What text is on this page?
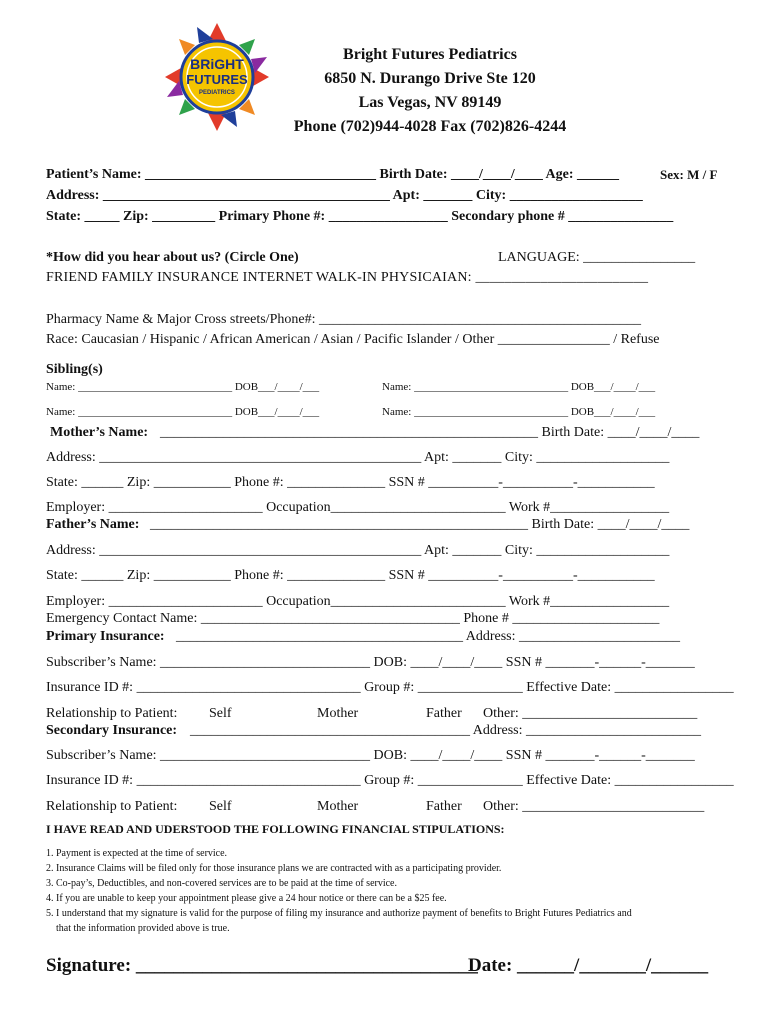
BRiGHT
FUTURES
PEDIATRICS
Bright Futures Pediatrics
6850 N. Durango Drive Ste 120
Las Vegas, NV 89149
Phone (702)944-4028 Fax (702)826-4244
Patient’s Name: _________________________________ Birth Date: ____/____/____ Age: ______	Sex: M / F
Address: _________________________________________ Apt: _______ City: ___________________
State: _____ Zip: _________ Primary Phone #: _________________ Secondary phone # _______________
*How did you hear about us? (Circle One)	LANGUAGE: ________________
FRIEND FAMILY INSURANCE INTERNET WALK-IN PHYSICAIAN: ________________________
Pharmacy Name & Major Cross streets/Phone#: ______________________________________________
Race: Caucasian / Hispanic / African American / Asian / Pacific Islander / Other ________________ / Refuse
Sibling(s)
Name: ____________________________ DOB___/____/___	Name: ____________________________ DOB___/____/___
Name: ____________________________ DOB___/____/___	Name: ____________________________ DOB___/____/___
Mother’s Name: ______________________________________________________ Birth Date: ____/____/____
Address: ______________________________________________ Apt: _______ City: ___________________
State: ______ Zip: ___________ Phone #: ______________ SSN # __________-__________-___________
Employer: ______________________ Occupation_________________________ Work #_________________
Father’s Name: ______________________________________________________ Birth Date: ____/____/____
Address: ______________________________________________ Apt: _______ City: ___________________
State: ______ Zip: ___________ Phone #: ______________ SSN # __________-__________-___________
Employer: ______________________ Occupation_________________________ Work #_________________
Emergency Contact Name: _____________________________________ Phone # _____________________
Primary Insurance: _________________________________________ Address: _______________________
Subscriber’s Name: ______________________________ DOB: ____/____/____ SSN # _______-______-_______
Insurance ID #: ________________________________ Group #: _______________ Effective Date: _________________
Relationship to Patient: Self	Mother	Father Other: _________________________
Secondary Insurance: ________________________________________ Address: _________________________
Subscriber’s Name: ______________________________ DOB: ____/____/____ SSN # _______-______-_______
Insurance ID #: ________________________________ Group #: _______________ Effective Date: _________________
Relationship to Patient: Self	Mother	Father Other: __________________________
I HAVE READ AND UDERSTOOD THE FOLLOWING FINANCIAL STIPULATIONS:
1. Payment is expected at the time of service.
2. Insurance Claims will be filed only for those insurance plans we are contracted with as a participating provider.
3. Co-pay’s, Deductibles, and non-covered services are to be paid at the time of service.
4. If you are unable to keep your appointment please give a 24 hour notice or there can be a $25 fee.
5. I understand that my signature is valid for the purpose of filing my insurance and authorize payment of benefits to Bright Futures Pediatrics and
that the information provided above is true.
Signature: ____________________________________
Date: ______/_______/______
